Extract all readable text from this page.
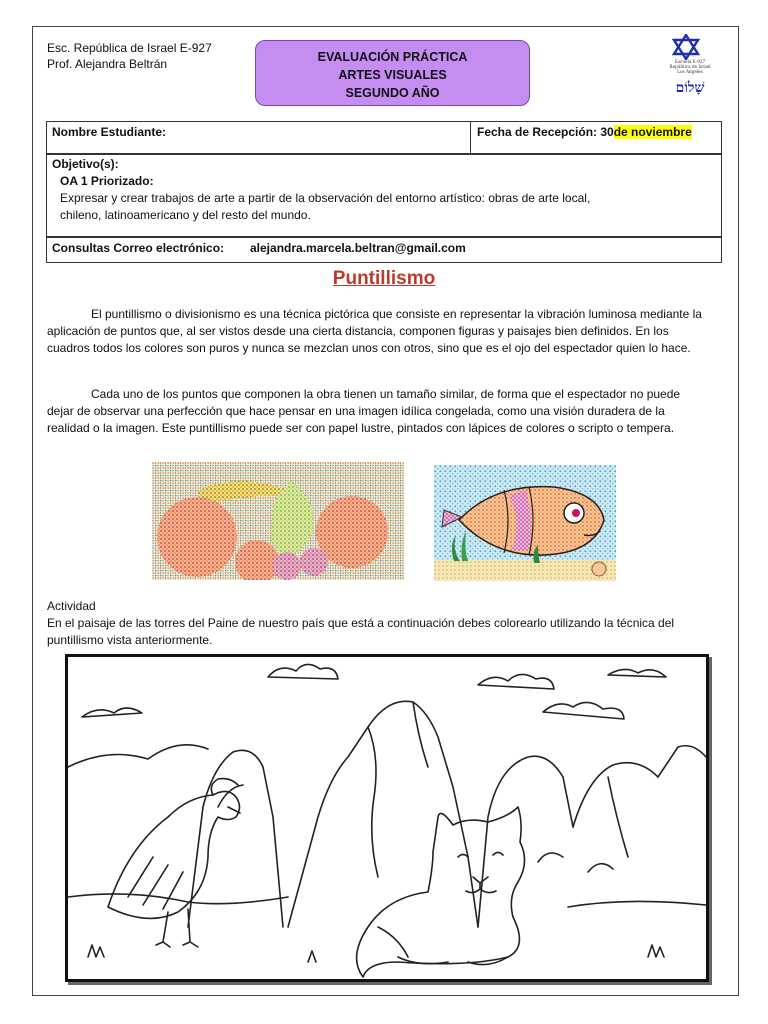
Esc. República de Israel E-927
Prof. Alejandra Beltrán	EVALUACIÓN PRÁCTICA
ARTES VISUALES
SEGUNDO AÑO
Escuela E-927
República de Israel
Los Ángeles
שָׁלוֹם
Nombre Estudiante:	Fecha de Recepción: 30de noviembre
Objetivo(s):
OA 1 Priorizado:
Expresar y crear trabajos de arte a partir de la observación del entorno artístico: obras de arte local,
chileno, latinoamericano y del resto del mundo.
Consultas Correo electrónico: alejandra.marcela.beltran@gmail.com
Puntillismo
El puntillismo o divisionismo es una técnica pictórica que consiste en representar la vibración luminosa mediante la aplicación de puntos que, al ser vistos desde una cierta distancia, componen figuras y paisajes bien definidos. En los cuadros todos los colores son puros y nunca se mezclan unos con otros, sino que es el ojo del espectador quien lo hace.
Cada uno de los puntos que componen la obra tienen un tamaño similar, de forma que el espectador no puede dejar de observar una perfección que hace pensar en una imagen idílica congelada, como una visión duradera de la realidad o la imagen. Este puntillismo puede ser con papel lustre, pintados con lápices de colores o scripto o tempera.
Actividad
En el paisaje de las torres del Paine de nuestro país que está a continuación debes colorearlo utilizando la técnica del puntillismo vista anteriormente.
